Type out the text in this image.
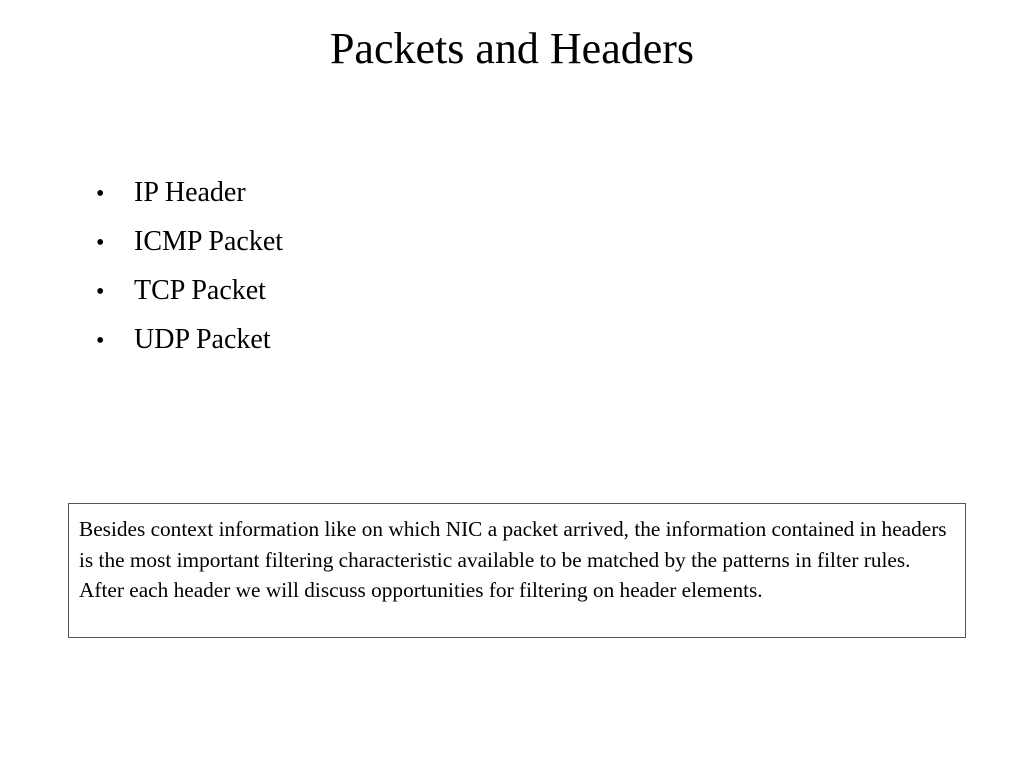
Packets and Headers
•	IP Header
•	ICMP Packet
•	TCP Packet
•	UDP Packet
Besides context information like on which NIC a packet arrived, the information contained in headers is the most important filtering characteristic available to be matched by the patterns in filter rules. After each header we will discuss opportunities for filtering on header elements.
